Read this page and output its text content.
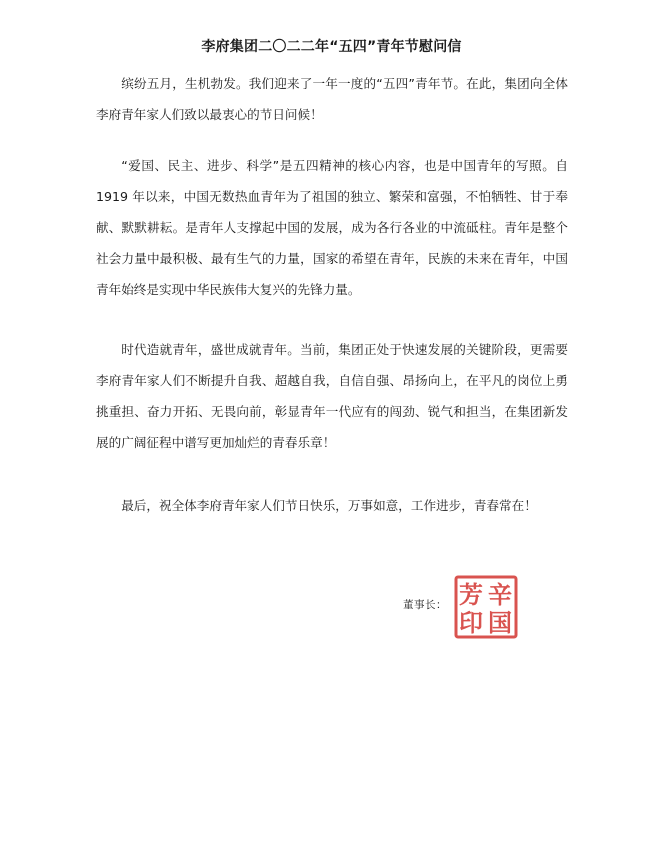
李府集团二〇二二年“五四”青年节慰问信

缤纷五月，生机勃发。我们迎来了一年一度的“五四”青年节。在此，集团向全体李府青年家人们致以最衷心的节日问候！

“爱国、民主、进步、科学”是五四精神的核心内容，也是中国青年的写照。自 1919 年以来，中国无数热血青年为了祖国的独立、繁荣和富强，不怕牺牲、甘于奉献、默默耕耘。是青年人支撑起中国的发展，成为各行各业的中流砥柱。青年是整个社会力量中最积极、最有生气的力量，国家的希望在青年，民族的未来在青年，中国青年始终是实现中华民族伟大复兴的先锋力量。

时代造就青年，盛世成就青年。当前，集团正处于快速发展的关键阶段，更需要李府青年家人们不断提升自我、超越自我，自信自强、昂扬向上，在平凡的岗位上勇挑重担、奋力开拓、无畏向前，彰显青年一代应有的闯劲、锐气和担当，在集团新发展的广阔征程中谱写更加灿烂的青春乐章！

最后，祝全体李府青年家人们节日快乐，万事如意，工作进步，青春常在！

董事长： 芳 辛
印 国
